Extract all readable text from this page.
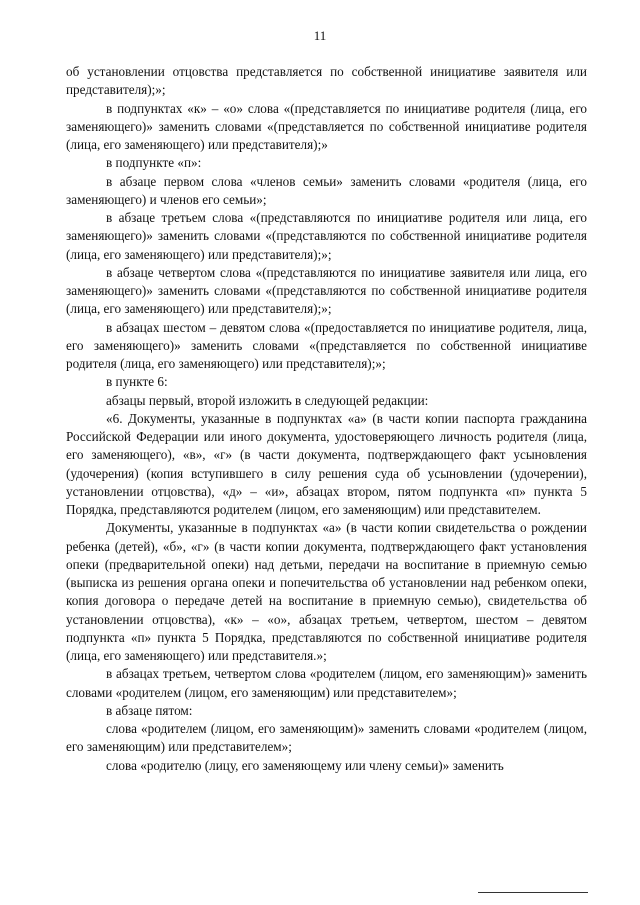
11

об установлении отцовства представляется по собственной инициативе заявителя или представителя);»;

в подпунктах «к» – «о» слова «(представляется по инициативе родителя (лица, его заменяющего)» заменить словами «(представляется по собственной инициативе родителя (лица, его заменяющего) или представителя);»

в подпункте «п»:

в абзаце первом слова «членов семьи» заменить словами «родителя (лица, его заменяющего) и членов его семьи»;

в абзаце третьем слова «(представляются по инициативе родителя или лица, его заменяющего)» заменить словами «(представляются по собственной инициативе родителя (лица, его заменяющего) или представителя);»;

в абзаце четвертом слова «(представляются по инициативе заявителя или лица, его заменяющего)» заменить словами «(представляются по собственной инициативе родителя (лица, его заменяющего) или представителя);»;

в абзацах шестом – девятом слова «(предоставляется по инициативе родителя, лица, его заменяющего)» заменить словами «(представляется по собственной инициативе родителя (лица, его заменяющего) или представителя);»;

в пункте 6:

абзацы первый, второй изложить в следующей редакции:

«6. Документы, указанные в подпунктах «а» (в части копии паспорта гражданина Российской Федерации или иного документа, удостоверяющего личность родителя (лица, его заменяющего), «в», «г» (в части документа, подтверждающего факт усыновления (удочерения) (копия вступившего в силу решения суда об усыновлении (удочерении), установлении отцовства), «д» – «и», абзацах втором, пятом подпункта «п» пункта 5 Порядка, представляются родителем (лицом, его заменяющим) или представителем.

Документы, указанные в подпунктах «а» (в части копии свидетельства о рождении ребенка (детей), «б», «г» (в части копии документа, подтверждающего факт установления опеки (предварительной опеки) над детьми, передачи на воспитание в приемную семью (выписка из решения органа опеки и попечительства об установлении над ребенком опеки, копия договора о передаче детей на воспитание в приемную семью), свидетельства об установлении отцовства), «к» – «о», абзацах третьем, четвертом, шестом – девятом подпункта «п» пункта 5 Порядка, представляются по собственной инициативе родителя (лица, его заменяющего) или представителя.»;

в абзацах третьем, четвертом слова «родителем (лицом, его заменяющим)» заменить словами «родителем (лицом, его заменяющим) или представителем»;

в абзаце пятом:

слова «родителем (лицом, его заменяющим)» заменить словами «родителем (лицом, его заменяющим) или представителем»;

слова «родителю (лицу, его заменяющему или члену семьи)» заменить
